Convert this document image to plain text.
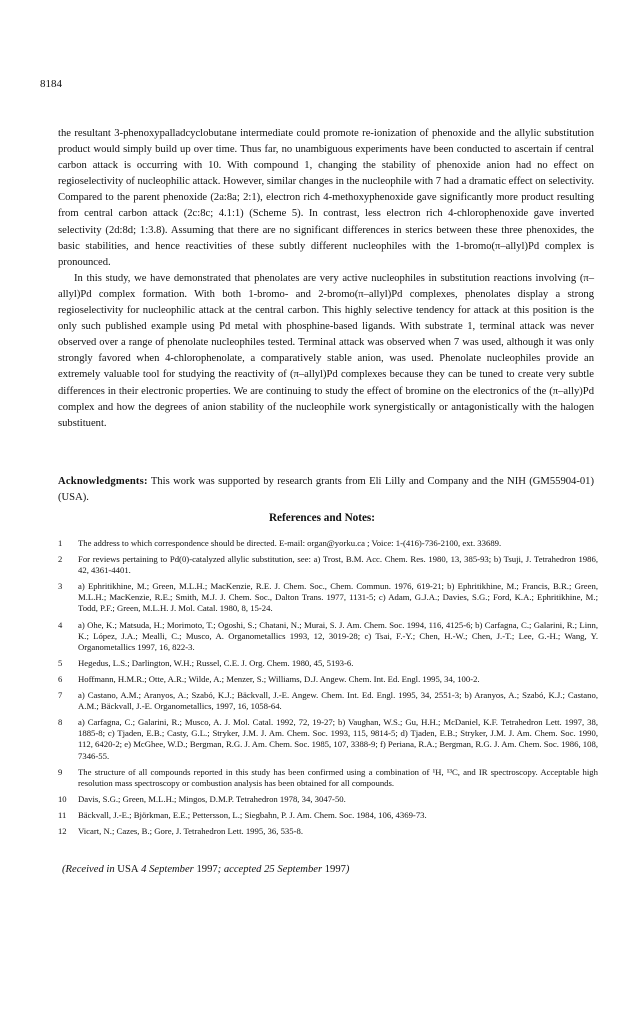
8184

the resultant 3-phenoxypalladcyclobutane intermediate could promote re-ionization of phenoxide and the allylic substitution product would simply build up over time. Thus far, no unambiguous experiments have been conducted to ascertain if central carbon attack is occurring with 10. With compound 1, changing the stability of phenoxide anion had no effect on regioselectivity of nucleophilic attack. However, similar changes in the nucleophile with 7 had a dramatic effect on selectivity. Compared to the parent phenoxide (2a:8a; 2:1), electron rich 4-methoxyphenoxide gave significantly more product resulting from central carbon attack (2c:8c; 4.1:1) (Scheme 5). In contrast, less electron rich 4-chlorophenoxide gave inverted selectivity (2d:8d; 1:3.8). Assuming that there are no significant differences in sterics between these three phenoxides, the basic stabilities, and hence reactivities of these subtly different nucleophiles with the 1-bromo(π–allyl)Pd complex is pronounced.

In this study, we have demonstrated that phenolates are very active nucleophiles in substitution reactions involving (π–allyl)Pd complex formation. With both 1-bromo- and 2-bromo(π–allyl)Pd complexes, phenolates display a strong regioselectivity for nucleophilic attack at the central carbon. This highly selective tendency for attack at this position is the only such published example using Pd metal with phosphine-based ligands. With substrate 1, terminal attack was never observed over a range of phenolate nucleophiles tested. Terminal attack was observed when 7 was used, although it was only strongly favored when 4-chlorophenolate, a comparatively stable anion, was used. Phenolate nucleophiles provide an extremely valuable tool for studying the reactivity of (π–allyl)Pd complexes because they can be tuned to create very subtle differences in their electronic properties. We are continuing to study the effect of bromine on the electronics of the (π–ally)Pd complex and how the degrees of anion stability of the nucleophile work synergistically or antagonistically with the halogen substituent.

Acknowledgments: This work was supported by research grants from Eli Lilly and Company and the NIH (GM55904-01) (USA).

References and Notes:
1 The address to which correspondence should be directed. E-mail: organ@yorku.ca ; Voice: 1-(416)-736-2100, ext. 33689.
2 For reviews pertaining to Pd(0)-catalyzed allylic substitution, see: a) Trost, B.M. Acc. Chem. Res. 1980, 13, 385-93; b) Tsuji, J. Tetrahedron 1986, 42, 4361-4401.
3 a) Ephritikhine, M.; Green, M.L.H.; MacKenzie, R.E. J. Chem. Soc., Chem. Commun. 1976, 619-21; b) Ephritikhine, M.; Francis, B.R.; Green, M.L.H.; MacKenzie, R.E.; Smith, M.J. J. Chem. Soc., Dalton Trans. 1977, 1131-5; c) Adam, G.J.A.; Davies, S.G.; Ford, K.A.; Ephritikhine, M.; Todd, P.F.; Green, M.L.H. J. Mol. Catal. 1980, 8, 15-24.
4 a) Ohe, K.; Matsuda, H.; Morimoto, T.; Ogoshi, S.; Chatani, N.; Murai, S. J. Am. Chem. Soc. 1994, 116, 4125-6; b) Carfagna, C.; Galarini, R.; Linn, K.; López, J.A.; Mealli, C.; Musco, A. Organometallics 1993, 12, 3019-28; c) Tsai, F.-Y.; Chen, H.-W.; Chen, J.-T.; Lee, G.-H.; Wang, Y. Organometallics 1997, 16, 822-3.
5 Hegedus, L.S.; Darlington, W.H.; Russel, C.E. J. Org. Chem. 1980, 45, 5193-6.
6 Hoffmann, H.M.R.; Otte, A.R.; Wilde, A.; Menzer, S.; Williams, D.J. Angew. Chem. Int. Ed. Engl. 1995, 34, 100-2.
7 a) Castano, A.M.; Aranyos, A.; Szabó, K.J.; Bäckvall, J.-E. Angew. Chem. Int. Ed. Engl. 1995, 34, 2551-3; b) Aranyos, A.; Szabó, K.J.; Castano, A.M.; Bäckvall, J.-E. Organometallics, 1997, 16, 1058-64.
8 a) Carfagna, C.; Galarini, R.; Musco, A. J. Mol. Catal. 1992, 72, 19-27; b) Vaughan, W.S.; Gu, H.H.; McDaniel, K.F. Tetrahedron Lett. 1997, 38, 1885-8; c) Tjaden, E.B.; Casty, G.L.; Stryker, J.M. J. Am. Chem. Soc. 1993, 115, 9814-5; d) Tjaden, E.B.; Stryker, J.M. J. Am. Chem. Soc. 1990, 112, 6420-2; e) McGhee, W.D.; Bergman, R.G. J. Am. Chem. Soc. 1985, 107, 3388-9; f) Periana, R.A.; Bergman, R.G. J. Am. Chem. Soc. 1986, 108, 7346-55.
9 The structure of all compounds reported in this study has been confirmed using a combination of ¹H, ¹³C, and IR spectroscopy. Acceptable high resolution mass spectroscopy or combustion analysis has been obtained for all compounds.
10 Davis, S.G.; Green, M.L.H.; Mingos, D.M.P. Tetrahedron 1978, 34, 3047-50.
11 Bäckvall, J.-E.; Björkman, E.E.; Pettersson, L.; Siegbahn, P. J. Am. Chem. Soc. 1984, 106, 4369-73.
12 Vicart, N.; Cazes, B.; Gore, J. Tetrahedron Lett. 1995, 36, 535-8.
(Received in USA 4 September 1997; accepted 25 September 1997)
